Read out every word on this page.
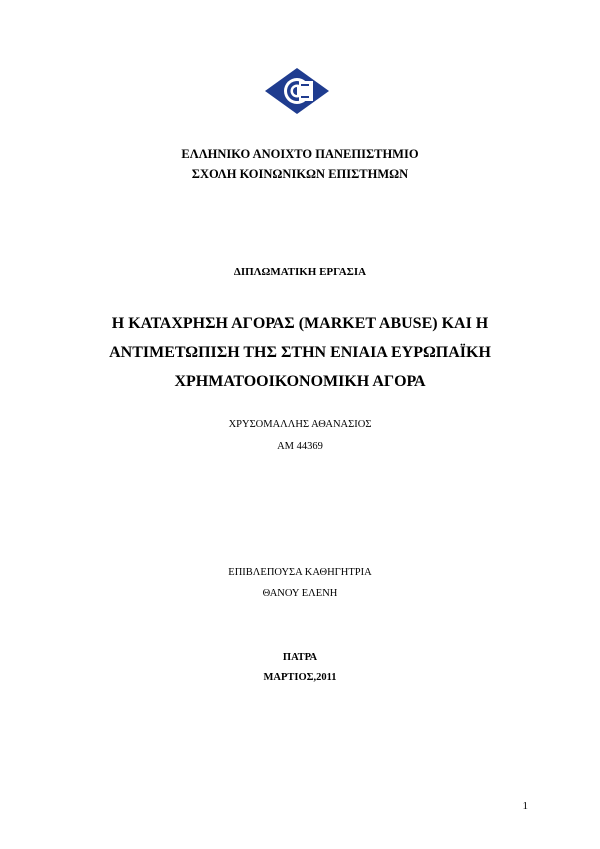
ΕΛΛΗΝΙΚΟ ΑΝΟΙΧΤΟ ΠΑΝΕΠΙΣΤΗΜΙΟ
ΣΧΟΛΗ ΚΟΙΝΩΝΙΚΩΝ ΕΠΙΣΤΗΜΩΝ
ΔΙΠΛΩΜΑΤΙΚΗ ΕΡΓΑΣΙΑ
Η ΚΑΤΑΧΡΗΣΗ ΑΓΟΡΑΣ (MARKET ABUSE) ΚΑΙ Η
ΑΝΤΙΜΕΤΩΠΙΣΗ ΤΗΣ ΣΤΗΝ ΕΝΙΑΙΑ ΕΥΡΩΠΑΪΚΗ
ΧΡΗΜΑΤΟΟΙΚΟΝΟΜΙΚΗ ΑΓΟΡΑ
ΧΡΥΣΟΜΑΛΛΗΣ ΑΘΑΝΑΣΙΟΣ
ΑΜ 44369
ΕΠΙΒΛΕΠΟΥΣΑ ΚΑΘΗΓΗΤΡΙΑ
ΘΑΝΟΥ ΕΛΕΝΗ
ΠΑΤΡΑ
ΜΑΡΤΙΟΣ,2011
1
